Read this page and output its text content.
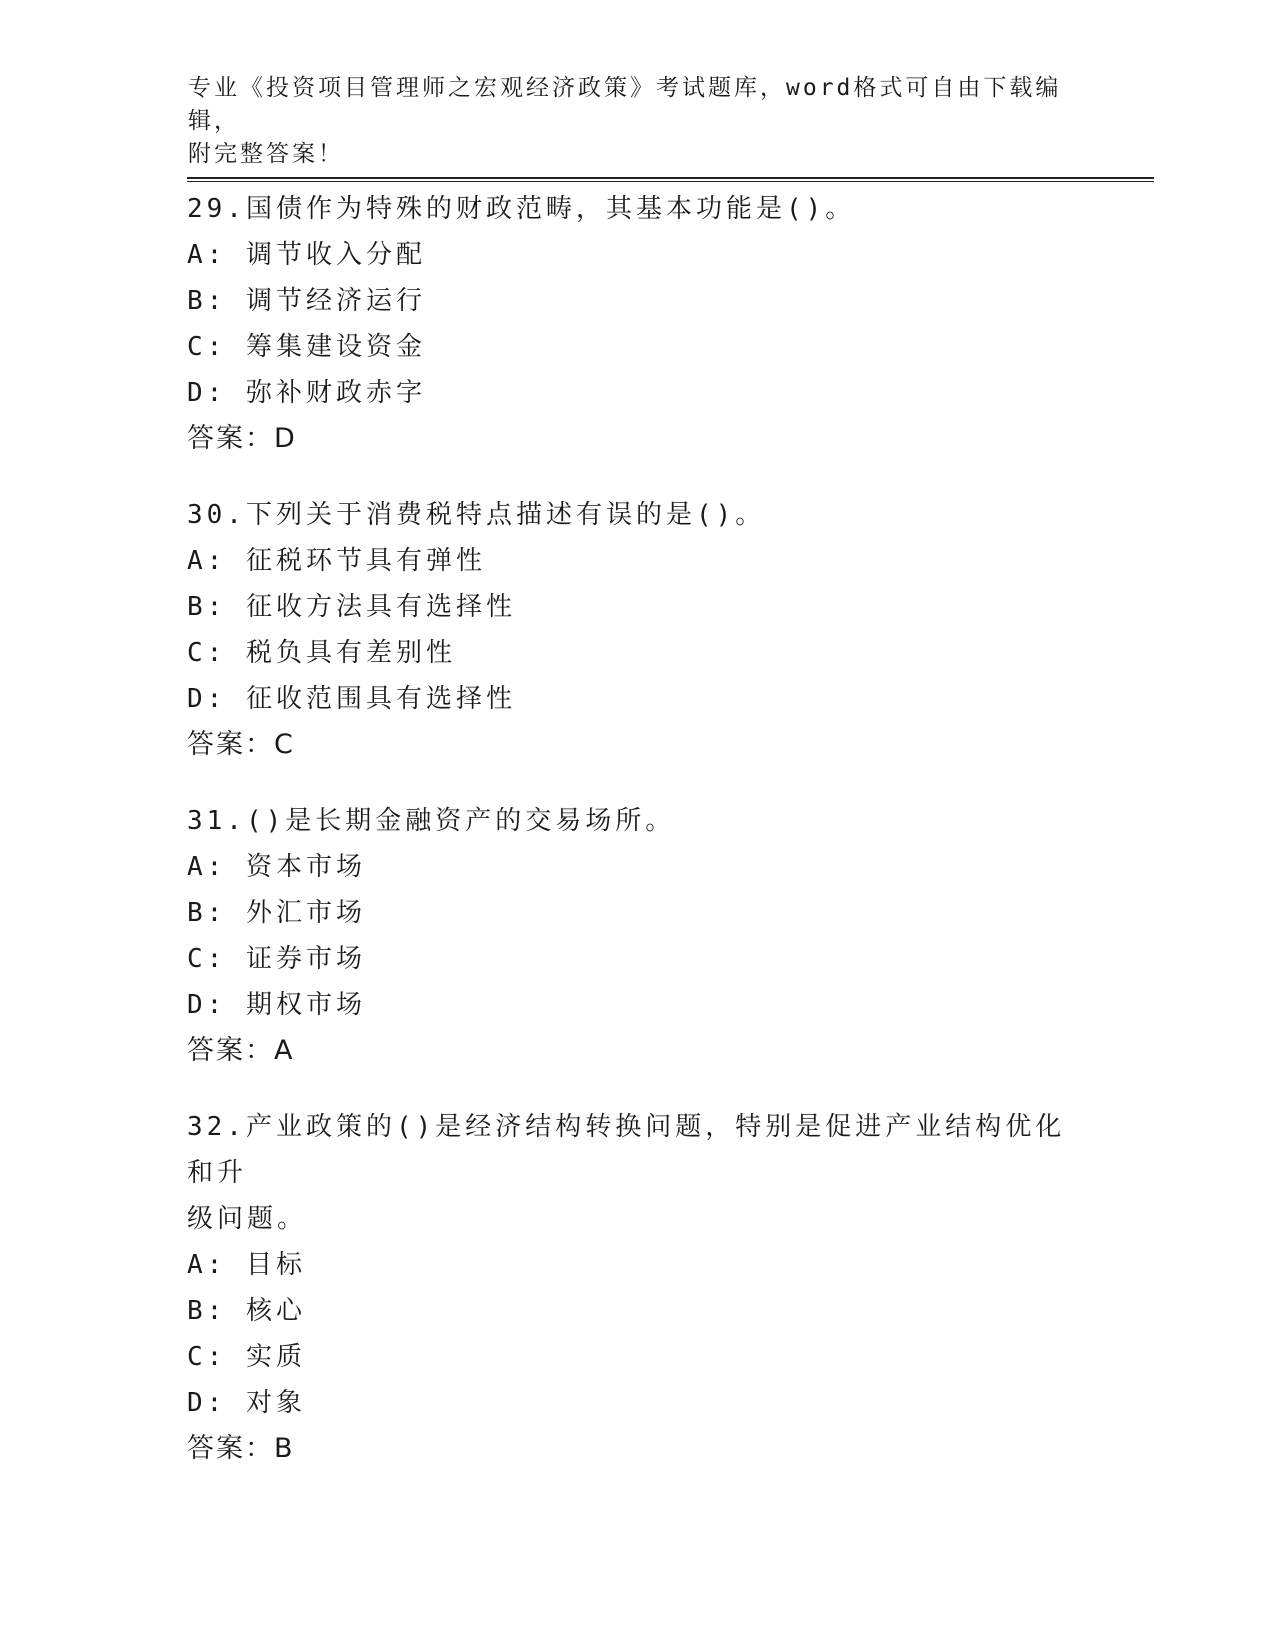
专业《投资项目管理师之宏观经济政策》考试题库，word格式可自由下载编辑，
附完整答案！

29.国债作为特殊的财政范畴，其基本功能是()。

A: 调节收入分配
B: 调节经济运行
C: 筹集建设资金
D: 弥补财政赤字
答案：D

30.下列关于消费税特点描述有误的是()。

A: 征税环节具有弹性
B: 征收方法具有选择性
C: 税负具有差别性
D: 征收范围具有选择性
答案：C

31.()是长期金融资产的交易场所。

A: 资本市场
B: 外汇市场
C: 证券市场
D: 期权市场
答案：A

32.产业政策的()是经济结构转换问题，特别是促进产业结构优化和升

级问题。

A: 目标
B: 核心
C: 实质
D: 对象
答案：B
